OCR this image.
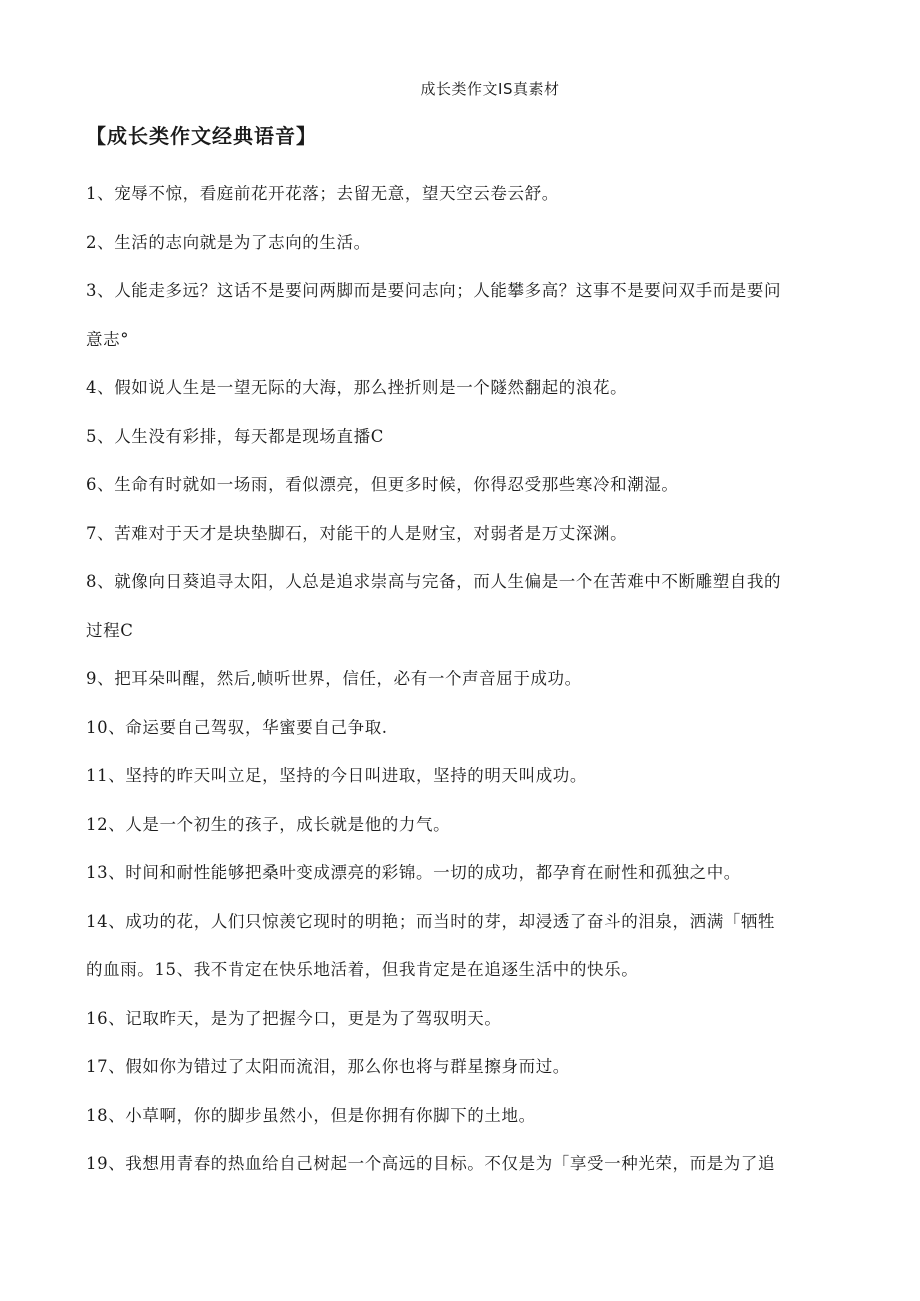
成长类作文IS真素材
【成长类作文经典语音】

1、宠辱不惊，看庭前花开花落；去留无意，望天空云卷云舒。

2、生活的志向就是为了志向的生活。

3、人能走多远？这话不是要问两脚而是要问志向；人能攀多高？这事不是要问双手而是要问

意志°

4、假如说人生是一望无际的大海，那么挫折则是一个隧然翻起的浪花。

5、人生没有彩排，每天都是现场直播C

6、生命有时就如一场雨，看似漂亮，但更多时候，你得忍受那些寒冷和潮湿。

7、苦难对于天才是块垫脚石，对能干的人是财宝，对弱者是万丈深渊。

8、就像向日葵追寻太阳，人总是追求崇高与完备，而人生偏是一个在苦难中不断雕塑自我的

过程C

9、把耳朵叫醒，然后,帧听世界，信任，必有一个声音屈于成功。

10、命运要自己驾驭，华蜜要自己争取.

11、坚持的昨天叫立足，坚持的今日叫进取，坚持的明天叫成功。

12、人是一个初生的孩子，成长就是他的力气。

13、时间和耐性能够把桑叶变成漂亮的彩锦。一切的成功，都孕育在耐性和孤独之中。

14、成功的花，人们只惊羡它现时的明艳；而当时的芽，却浸透了奋斗的泪泉，洒满「牺牲

的血雨。15、我不肯定在快乐地活着，但我肯定是在追逐生活中的快乐。

16、记取昨天，是为了把握今口，更是为了驾驭明天。

17、假如你为错过了太阳而流泪，那么你也将与群星擦身而过。

18、小草啊，你的脚步虽然小，但是你拥有你脚下的土地。

19、我想用青春的热血给自己树起一个高远的目标。不仅是为「享受一种光荣，而是为了追
